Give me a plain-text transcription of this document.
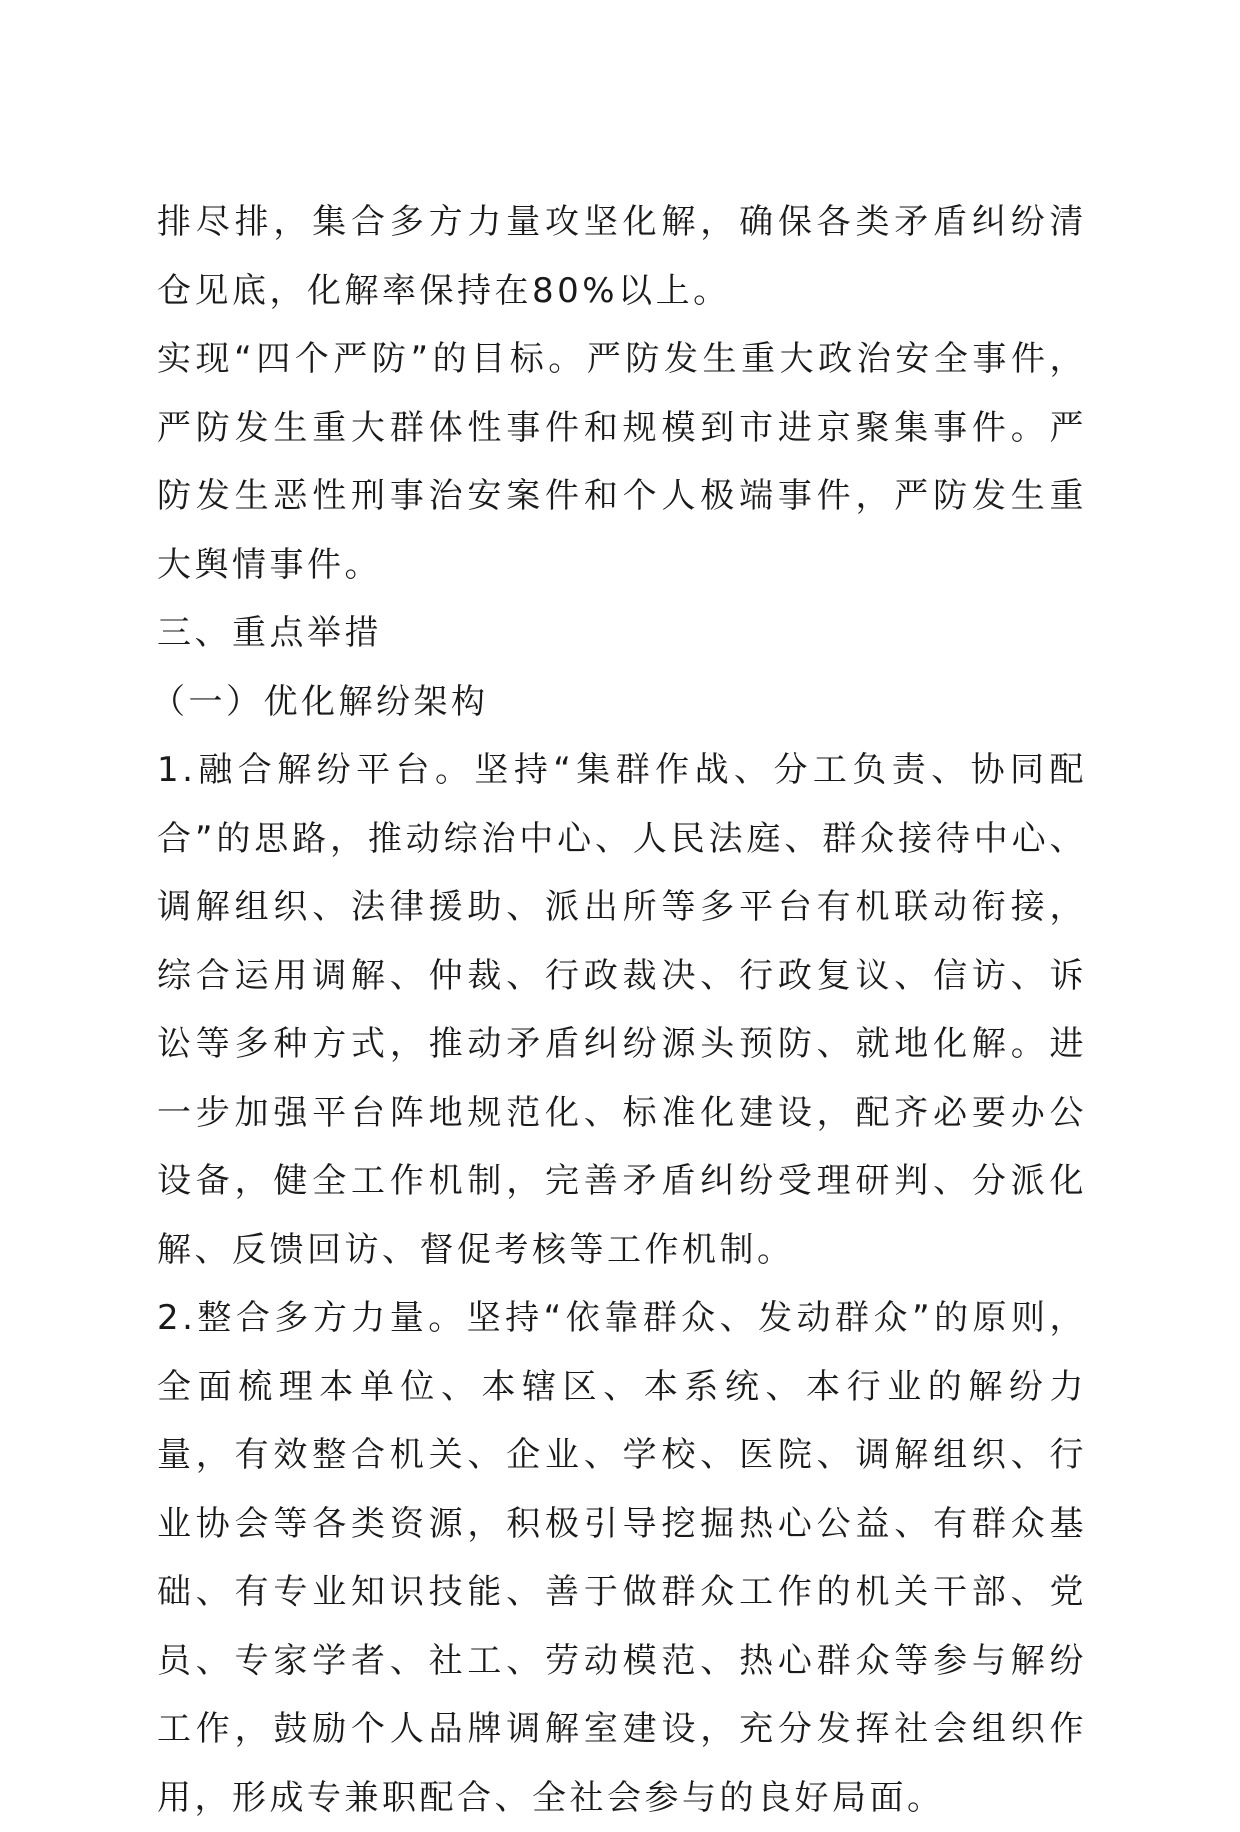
排尽排，集合多方力量攻坚化解，确保各类矛盾纠纷清仓见底，化解率保持在80%以上。

实现“四个严防”的目标。严防发生重大政治安全事件，严防发生重大群体性事件和规模到市进京聚集事件。严防发生恶性刑事治安案件和个人极端事件，严防发生重大舆情事件。

三、重点举措

（一）优化解纷架构

1.融合解纷平台。坚持“集群作战、分工负责、协同配合”的思路，推动综治中心、人民法庭、群众接待中心、调解组织、法律援助、派出所等多平台有机联动衔接，综合运用调解、仲裁、行政裁决、行政复议、信访、诉讼等多种方式，推动矛盾纠纷源头预防、就地化解。进一步加强平台阵地规范化、标准化建设，配齐必要办公设备，健全工作机制，完善矛盾纠纷受理研判、分派化解、反馈回访、督促考核等工作机制。

2.整合多方力量。坚持“依靠群众、发动群众”的原则，全面梳理本单位、本辖区、本系统、本行业的解纷力量，有效整合机关、企业、学校、医院、调解组织、行业协会等各类资源，积极引导挖掘热心公益、有群众基础、有专业知识技能、善于做群众工作的机关干部、党员、专家学者、社工、劳动模范、热心群众等参与解纷工作，鼓励个人品牌调解室建设，充分发挥社会组织作用，形成专兼职配合、全社会参与的良好局面。
